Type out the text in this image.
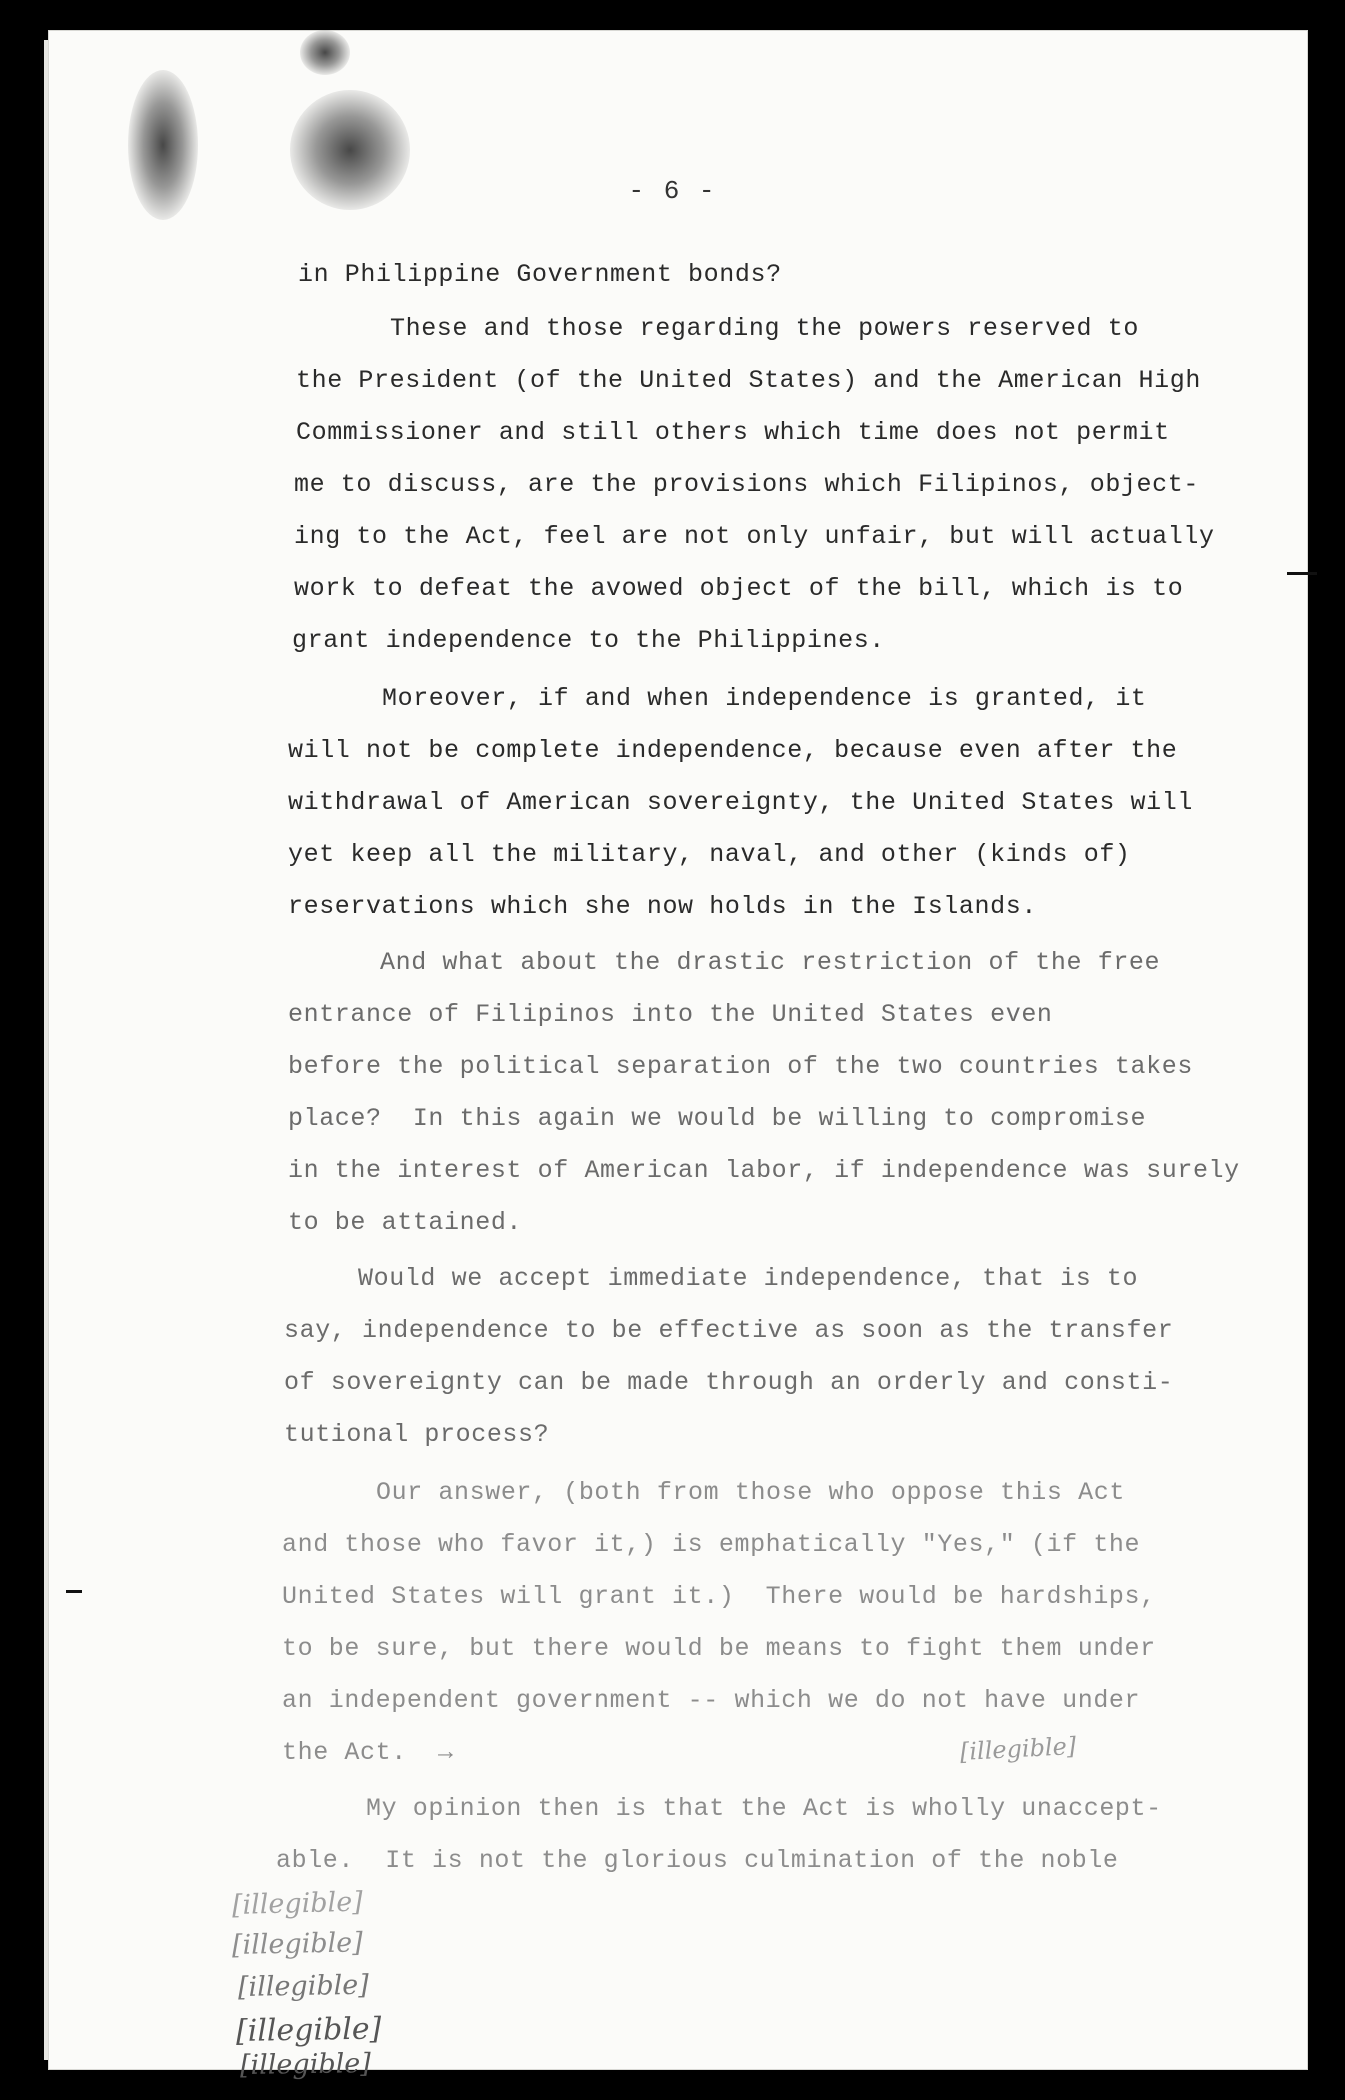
- 6 -
in Philippine Government bonds?
These and those regarding the powers reserved to
the President (of the United States) and the American High
Commissioner and still others which time does not permit
me to discuss, are the provisions which Filipinos, object-
ing to the Act, feel are not only unfair, but will actually
work to defeat the avowed object of the bill, which is to
grant independence to the Philippines.
Moreover, if and when independence is granted, it
will not be complete independence, because even after the
withdrawal of American sovereignty, the United States will
yet keep all the military, naval, and other (kinds of)
reservations which she now holds in the Islands.
And what about the drastic restriction of the free
entrance of Filipinos into the United States even
before the political separation of the two countries takes
place?  In this again we would be willing to compromise
in the interest of American labor, if independence was surely
to be attained.
Would we accept immediate independence, that is to
say, independence to be effective as soon as the transfer
of sovereignty can be made through an orderly and consti-
tutional process?
Our answer, (both from those who oppose this Act
and those who favor it,) is emphatically "Yes," (if the
United States will grant it.)  There would be hardships,
to be sure, but there would be means to fight them under
an independent government -- which we do not have under
the Act.  →
My opinion then is that the Act is wholly unaccept-
able.  It is not the glorious culmination of the noble
[illegible]
[illegible]
[illegible]
[illegible]
[illegible]
[illegible]
